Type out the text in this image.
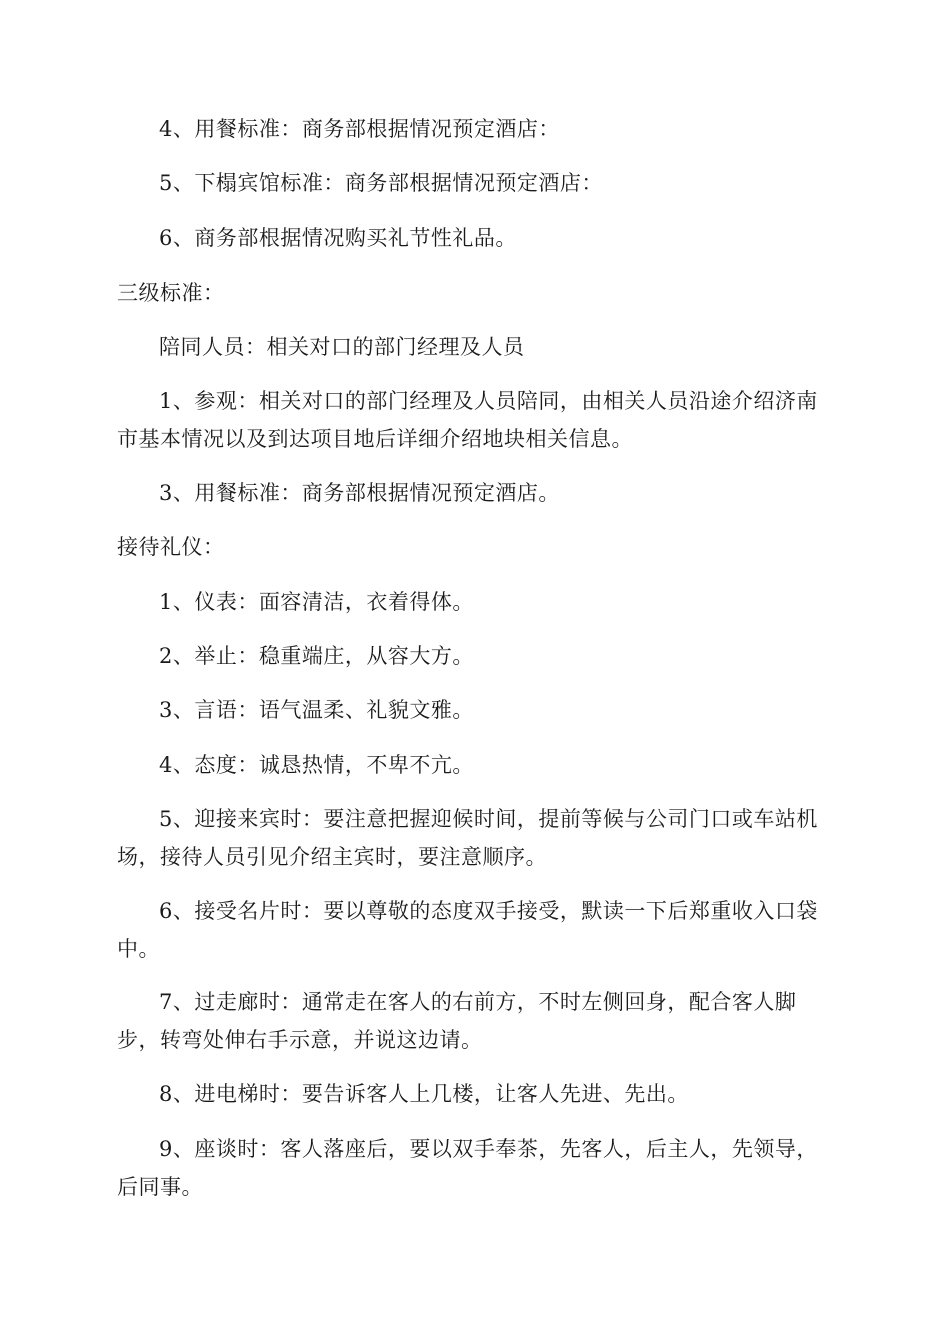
4、用餐标准：商务部根据情况预定酒店：

5、下榻宾馆标准：商务部根据情况预定酒店：

6、商务部根据情况购买礼节性礼品。

三级标准：

陪同人员：相关对口的部门经理及人员

1、参观：相关对口的部门经理及人员陪同，由相关人员沿途介绍济南市基本情况以及到达项目地后详细介绍地块相关信息。

3、用餐标准：商务部根据情况预定酒店。

接待礼仪：

1、仪表：面容清洁，衣着得体。

2、举止：稳重端庄，从容大方。

3、言语：语气温柔、礼貌文雅。

4、态度：诚恳热情，不卑不亢。

5、迎接来宾时：要注意把握迎候时间，提前等候与公司门口或车站机场，接待人员引见介绍主宾时，要注意顺序。

6、接受名片时：要以尊敬的态度双手接受，默读一下后郑重收入口袋中。

7、过走廊时：通常走在客人的右前方，不时左侧回身，配合客人脚步，转弯处伸右手示意，并说这边请。

8、进电梯时：要告诉客人上几楼，让客人先进、先出。

9、座谈时：客人落座后，要以双手奉茶，先客人，后主人，先领导，后同事。
